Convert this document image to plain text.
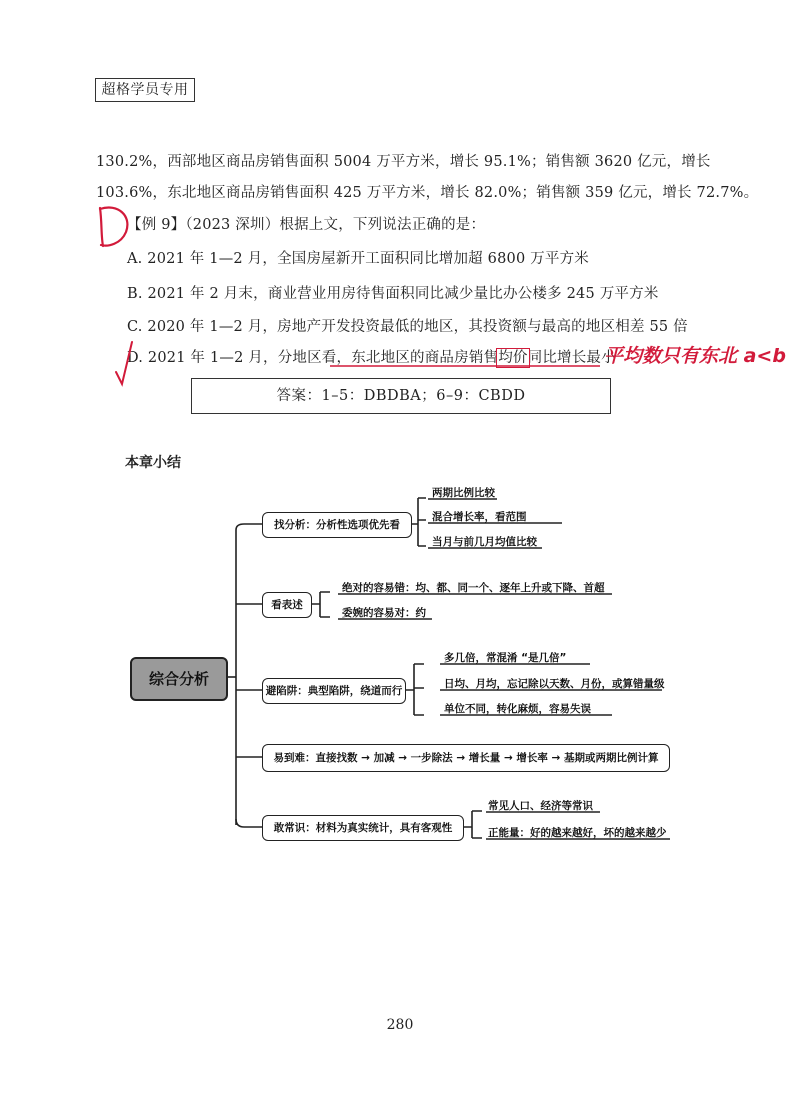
超格学员专用
130.2%，西部地区商品房销售面积 5004 万平方米，增长 95.1%；销售额 3620 亿元，增长
103.6%，东北地区商品房销售面积 425 万平方米，增长 82.0%；销售额 359 亿元，增长 72.7%。
【例 9】（2023 深圳）根据上文，下列说法正确的是：
A. 2021 年 1—2 月，全国房屋新开工面积同比增加超 6800 万平方米
B. 2021 年 2 月末，商业营业用房待售面积同比减少量比办公楼多 245 万平方米
C. 2020 年 1—2 月，房地产开发投资最低的地区，其投资额与最高的地区相差 55 倍
D. 2021 年 1—2 月，分地区看，东北地区的商品房销售均价同比增长最小
平均数只有东北 a<b
答案：1–5：DBDBA；6–9：CBDD
本章小结
综合分析
找分析：分析性选项优先看
看表述
避陷阱：典型陷阱，绕道而行
易到难：直接找数 → 加减 → 一步除法 → 增长量 → 增长率 → 基期或两期比例计算
敢常识：材料为真实统计，具有客观性
两期比例比较
混合增长率，看范围
当月与前几月均值比较
绝对的容易错：均、都、同一个、逐年上升或下降、首超
委婉的容易对：约
多几倍，常混淆 “是几倍”
日均、月均，忘记除以天数、月份，或算错量级
单位不同，转化麻烦，容易失误
常见人口、经济等常识
正能量：好的越来越好，坏的越来越少
280
